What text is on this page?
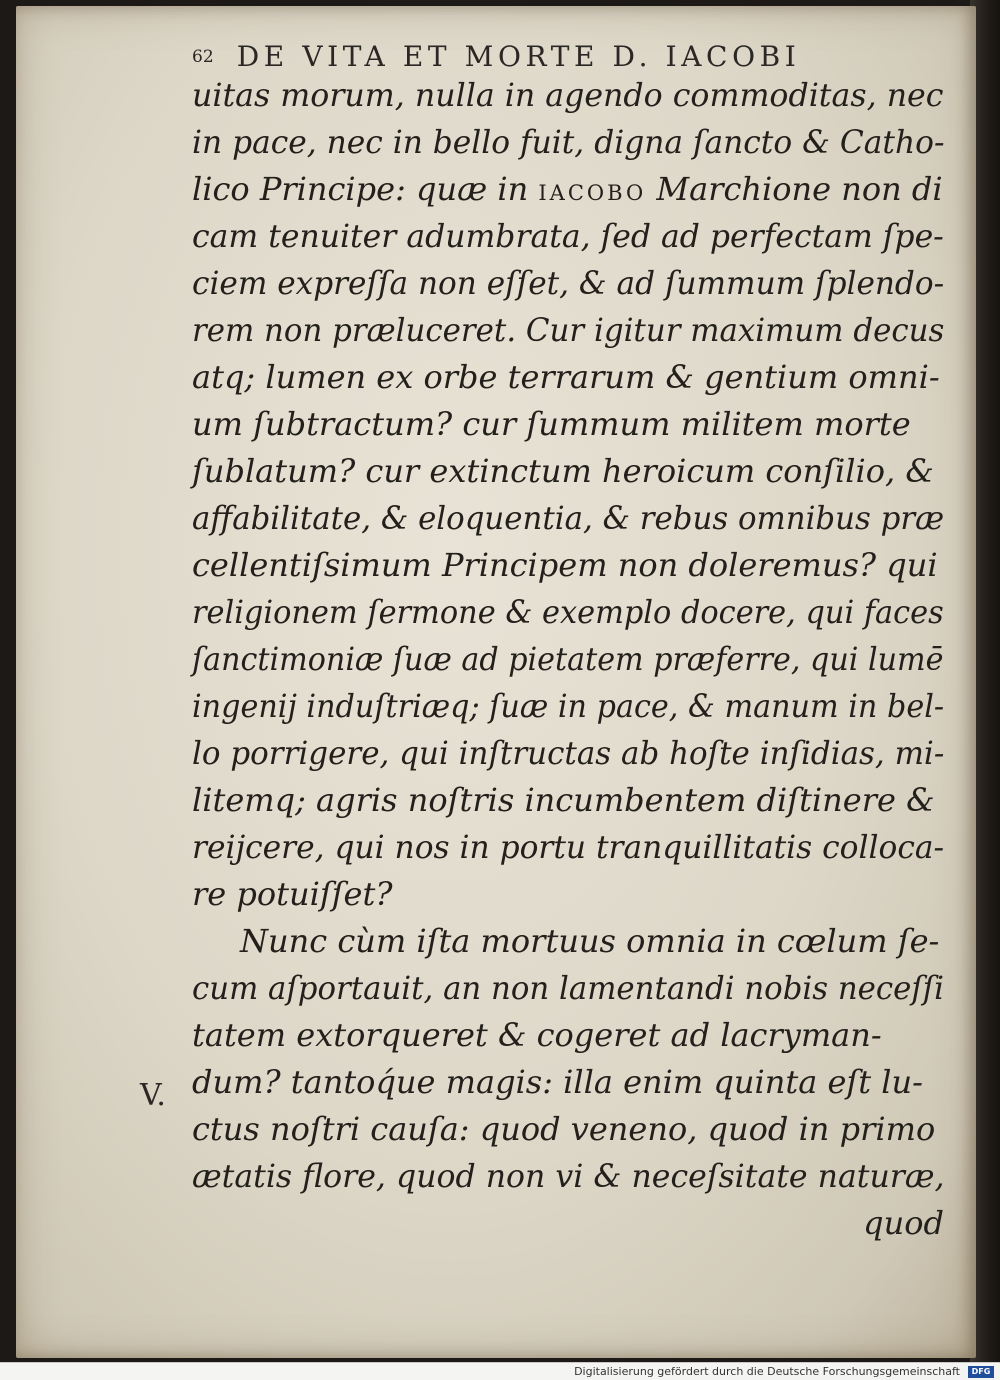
62 DE VITA ET MORTE D. IACOBI
uitas morum, nulla in agendo commoditas, nec
in pace, nec in bello fuit, digna ſancto & Catho-
lico Principe: quæ in IACOBO Marchione non di
cam tenuiter adumbrata, ſed ad perfectam ſpe-
ciem expreſſa non eſſet, & ad ſummum ſplendo-
rem non præluceret. Cur igitur maximum decus
atq; lumen ex orbe terrarum & gentium omni-
um ſubtractum? cur ſummum militem morte
ſublatum? cur extinctum heroicum conſilio, &
affabilitate, & eloquentia, & rebus omnibus præ
cellentiſsimum Principem non doleremus? qui
religionem ſermone & exemplo docere, qui faces
ſanctimoniæ ſuæ ad pietatem præferre, qui lumē
ingenij induſtriæq; ſuæ in pace, & manum in bel-
lo porrigere, qui inſtructas ab hoſte inſidias, mi-
litemq; agris noſtris incumbentem diſtinere &
reijcere, qui nos in portu tranquillitatis colloca-
re potuiſſet?
Nunc cùm iſta mortuus omnia in cœlum ſe-
cum aſportauit, an non lamentandi nobis neceſſi
tatem extorqueret & cogeret ad lacryman-
dum? tantoq́ue magis: illa enim quinta eſt lu-
ctus noſtri cauſa: quod veneno, quod in primo
ætatis flore, quod non vi & neceſsitate naturæ,
quod
V.
Digitalisierung gefördert durch die Deutsche Forschungsgemeinschaft	DFG
